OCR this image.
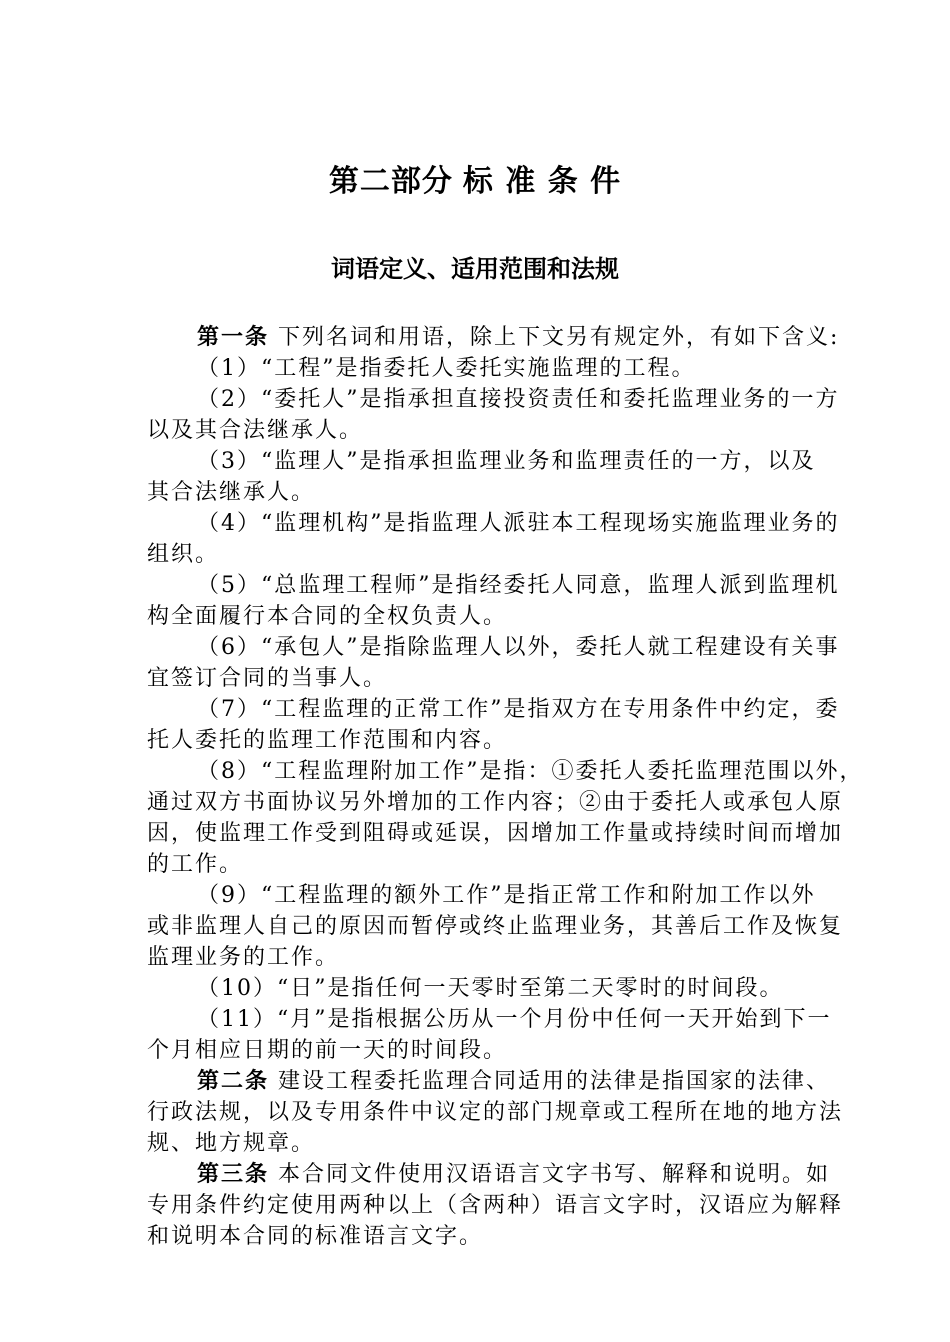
第二部分 标 准 条 件
词语定义、适用范围和法规
第一条 下列名词和用语，除上下文另有规定外，有如下含义:
（1）“工程”是指委托人委托实施监理的工程。
（2）“委托人”是指承担直接投资责任和委托监理业务的一方
以及其合法继承人。
（3）“监理人”是指承担监理业务和监理责任的一方，以及
其合法继承人。
（4）“监理机构”是指监理人派驻本工程现场实施监理业务的
组织。
（5）“总监理工程师”是指经委托人同意，监理人派到监理机
构全面履行本合同的全权负责人。
（6）“承包人”是指除监理人以外，委托人就工程建设有关事
宜签订合同的当事人。
（7）“工程监理的正常工作”是指双方在专用条件中约定，委
托人委托的监理工作范围和内容。
（8）“工程监理附加工作”是指：①委托人委托监理范围以外，
通过双方书面协议另外增加的工作内容；②由于委托人或承包人原
因，使监理工作受到阻碍或延误，因增加工作量或持续时间而增加
的工作。
（9）“工程监理的额外工作”是指正常工作和附加工作以外
或非监理人自己的原因而暂停或终止监理业务，其善后工作及恢复
监理业务的工作。
（10）“日”是指任何一天零时至第二天零时的时间段。
（11）“月”是指根据公历从一个月份中任何一天开始到下一
个月相应日期的前一天的时间段。
第二条 建设工程委托监理合同适用的法律是指国家的法律、
行政法规，以及专用条件中议定的部门规章或工程所在地的地方法
规、地方规章。
第三条 本合同文件使用汉语语言文字书写、解释和说明。如
专用条件约定使用两种以上（含两种）语言文字时，汉语应为解释
和说明本合同的标准语言文字。
